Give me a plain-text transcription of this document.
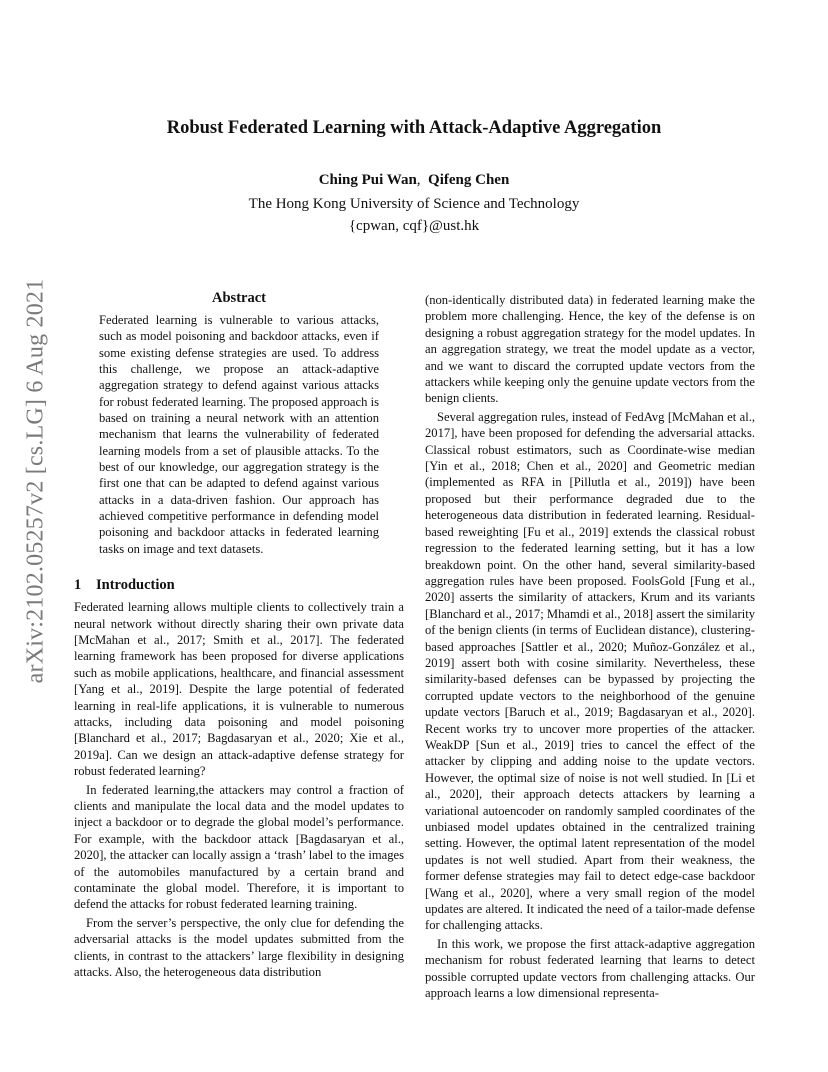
arXiv:2102.05257v2 [cs.LG] 6 Aug 2021
Robust Federated Learning with Attack-Adaptive Aggregation
Ching Pui Wan, Qifeng Chen
The Hong Kong University of Science and Technology
{cpwan, cqf}@ust.hk
Abstract

Federated learning is vulnerable to various attacks, such as model poisoning and backdoor attacks, even if some existing defense strategies are used. To address this challenge, we propose an attack-adaptive aggregation strategy to defend against various attacks for robust federated learning. The proposed approach is based on training a neural network with an attention mechanism that learns the vulnerability of federated learning models from a set of plausible attacks. To the best of our knowledge, our aggregation strategy is the first one that can be adapted to defend against various attacks in a data-driven fashion. Our approach has achieved competitive performance in defending model poisoning and backdoor attacks in federated learning tasks on image and text datasets.

1 Introduction

Federated learning allows multiple clients to collectively train a neural network without directly sharing their own private data [McMahan et al., 2017; Smith et al., 2017]. The federated learning framework has been proposed for diverse applications such as mobile applications, healthcare, and financial assessment [Yang et al., 2019]. Despite the large potential of federated learning in real-life applications, it is vulnerable to numerous attacks, including data poisoning and model poisoning [Blanchard et al., 2017; Bagdasaryan et al., 2020; Xie et al., 2019a]. Can we design an attack-adaptive defense strategy for robust federated learning?

In federated learning,the attackers may control a fraction of clients and manipulate the local data and the model updates to inject a backdoor or to degrade the global model’s performance. For example, with the backdoor attack [Bagdasaryan et al., 2020], the attacker can locally assign a ‘trash’ label to the images of the automobiles manufactured by a certain brand and contaminate the global model. Therefore, it is important to defend the attacks for robust federated learning training.

From the server’s perspective, the only clue for defending the adversarial attacks is the model updates submitted from the clients, in contrast to the attackers’ large flexibility in designing attacks. Also, the heterogeneous data distribution

(non-identically distributed data) in federated learning make the problem more challenging. Hence, the key of the defense is on designing a robust aggregation strategy for the model updates. In an aggregation strategy, we treat the model update as a vector, and we want to discard the corrupted update vectors from the attackers while keeping only the genuine update vectors from the benign clients.

Several aggregation rules, instead of FedAvg [McMahan et al., 2017], have been proposed for defending the adversarial attacks. Classical robust estimators, such as Coordinate-wise median [Yin et al., 2018; Chen et al., 2020] and Geometric median (implemented as RFA in [Pillutla et al., 2019]) have been proposed but their performance degraded due to the heterogeneous data distribution in federated learning. Residual-based reweighting [Fu et al., 2019] extends the classical robust regression to the federated learning setting, but it has a low breakdown point. On the other hand, several similarity-based aggregation rules have been proposed. FoolsGold [Fung et al., 2020] asserts the similarity of attackers, Krum and its variants [Blanchard et al., 2017; Mhamdi et al., 2018] assert the similarity of the benign clients (in terms of Euclidean distance), clustering-based approaches [Sattler et al., 2020; Muñoz-González et al., 2019] assert both with cosine similarity. Nevertheless, these similarity-based defenses can be bypassed by projecting the corrupted update vectors to the neighborhood of the genuine update vectors [Baruch et al., 2019; Bagdasaryan et al., 2020]. Recent works try to uncover more properties of the attacker. WeakDP [Sun et al., 2019] tries to cancel the effect of the attacker by clipping and adding noise to the update vectors. However, the optimal size of noise is not well studied. In [Li et al., 2020], their approach detects attackers by learning a variational autoencoder on randomly sampled coordinates of the unbiased model updates obtained in the centralized training setting. However, the optimal latent representation of the model updates is not well studied. Apart from their weakness, the former defense strategies may fail to detect edge-case backdoor [Wang et al., 2020], where a very small region of the model updates are altered. It indicated the need of a tailor-made defense for challenging attacks.

In this work, we propose the first attack-adaptive aggregation mechanism for robust federated learning that learns to detect possible corrupted update vectors from challenging attacks. Our approach learns a low dimensional representa-
